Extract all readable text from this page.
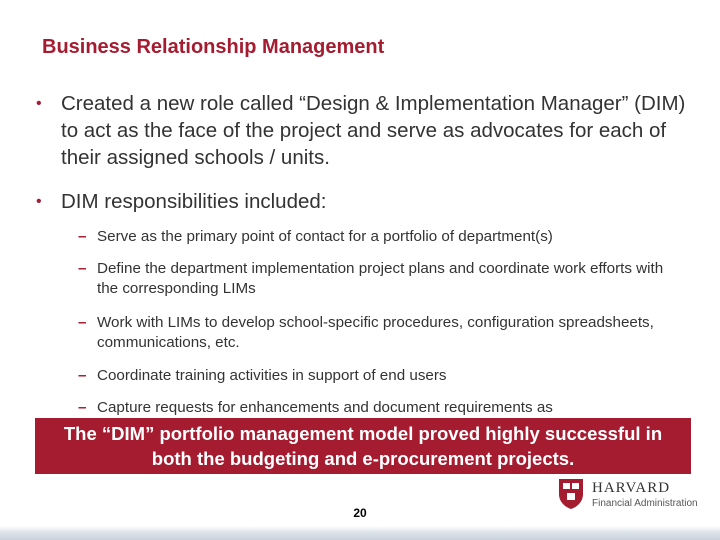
Business Relationship Management
• Created a new role called “Design & Implementation Manager” (DIM) to act as the face of the project and serve as advocates for each of their assigned schools / units.
• DIM responsibilities included:
– Serve as the primary point of contact for a portfolio of department(s)
– Define the department implementation project plans and coordinate work efforts with the corresponding LIMs
– Work with LIMs to develop school-specific procedures, configuration spreadsheets, communications, etc.
– Coordinate training activities in support of end users
– Capture requests for enhancements and document requirements as
The “DIM” portfolio management model proved highly successful in both the budgeting and e-procurement projects.
20
HARVARD
Financial Administration
